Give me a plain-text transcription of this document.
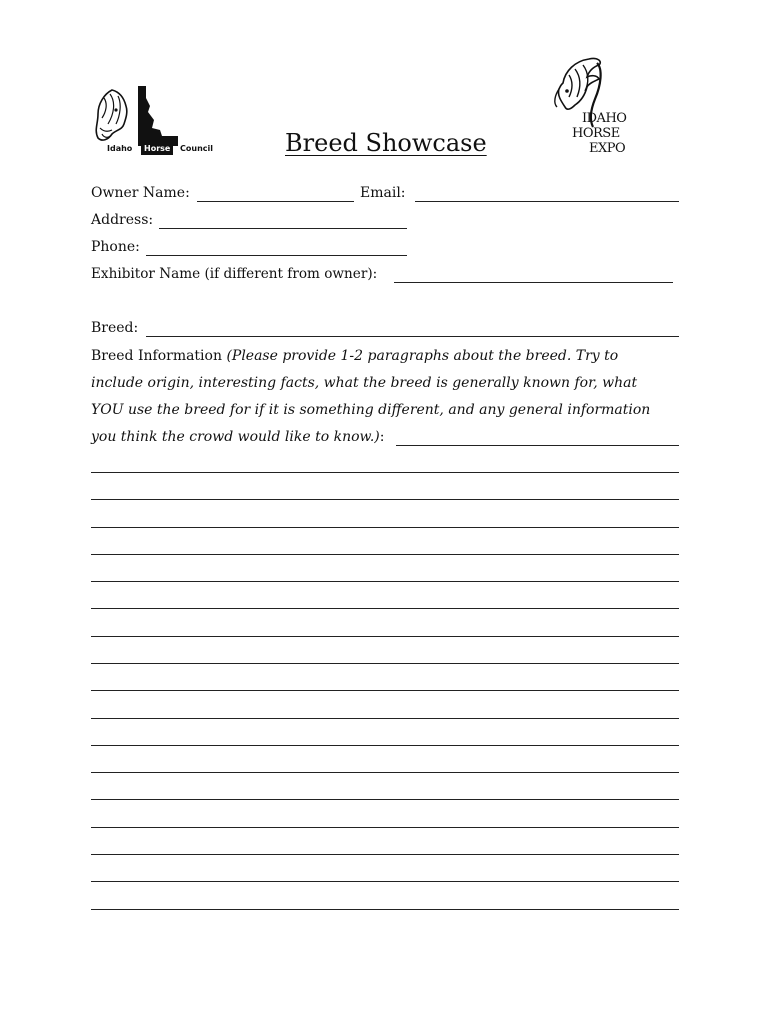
Idaho	Horse	Council	Breed Showcase
IDAHO
HORSE
EXPO
Owner Name:	Email:
Address:
Phone:
Exhibitor Name (if different from owner):
Breed:
Breed Information (Please provide 1-2 paragraphs about the breed. Try to
include origin, interesting facts, what the breed is generally known for, what
YOU use the breed for if it is something different, and any general information
you think the crowd would like to know.):
